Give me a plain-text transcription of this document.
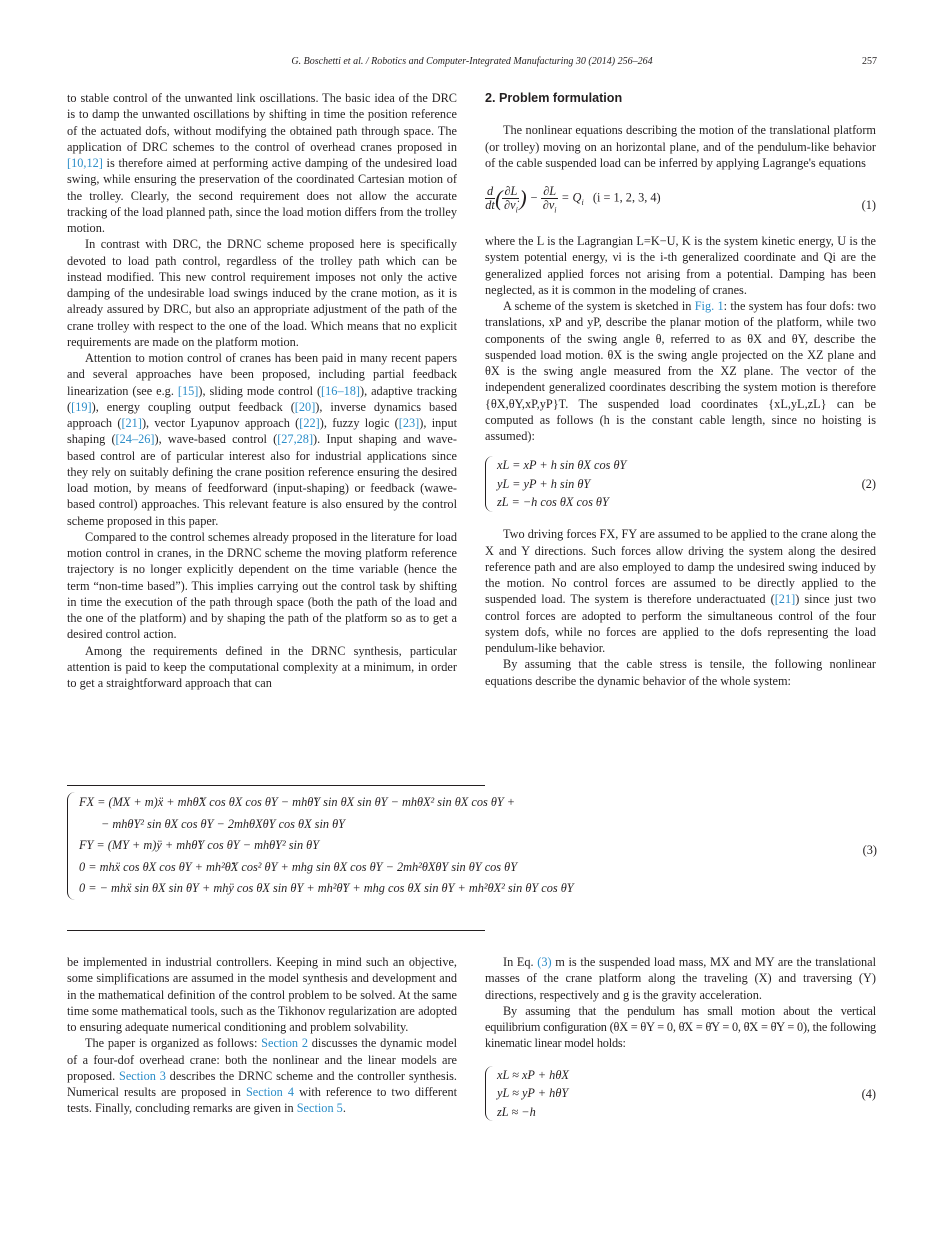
G. Boschetti et al. / Robotics and Computer-Integrated Manufacturing 30 (2014) 256–264	257

to stable control of the unwanted link oscillations. The basic idea of the DRC is to damp the unwanted oscillations by shifting in time the position reference of the actuated dofs, without modifying the obtained path through space. The application of DRC schemes to the control of overhead cranes proposed in [10,12] is therefore aimed at performing active damping of the undesired load swing, while ensuring the preservation of the coordinated Cartesian motion of the trolley. Clearly, the second requirement does not allow the accurate tracking of the load planned path, since the load motion differs from the trolley motion.

In contrast with DRC, the DRNC scheme proposed here is specifically devoted to load path control, regardless of the trolley path which can be instead modified. This new control requirement imposes not only the active damping of the undesirable load swings induced by the crane motion, as it is already assured by DRC, but also an appropriate adjustment of the path of the crane trolley with respect to the one of the load. Which means that no explicit requirements are made on the platform motion.

Attention to motion control of cranes has been paid in many recent papers and several approaches have been proposed, including partial feedback linearization (see e.g. [15]), sliding mode control ([16–18]), adaptive tracking ([19]), energy coupling output feedback ([20]), inverse dynamics based approach ([21]), vector Lyapunov approach ([22]), fuzzy logic ([23]), input shaping ([24–26]), wave-based control ([27,28]). Input shaping and wave-based control are of particular interest also for industrial applications since they rely on suitably defining the crane position reference ensuring the desired load motion, by means of feedforward (input-shaping) or feedback (wawe-based control) approaches. This relevant feature is also ensured by the control scheme proposed in this paper.

Compared to the control schemes already proposed in the literature for load motion control in cranes, in the DRNC scheme the moving platform reference trajectory is no longer explicitly dependent on the time variable (hence the term “non-time based”). This implies carrying out the control task by shifting in time the execution of the path through space (both the path of the load and the one of the platform) and by shaping the path of the platform so as to get a desired control action.

Among the requirements defined in the DRNC synthesis, particular attention is paid to keep the computational complexity at a minimum, in order to get a straightforward approach that can

2. Problem formulation

The nonlinear equations describing the motion of the translational platform (or trolley) moving on an horizontal plane, and of the pendulum-like behavior of the cable suspended load can be inferred by applying Lagrange's equations

$\frac{d}{dt}$ ( $\frac{\partial L}{\partial\nu̇_i}$ ) − $\frac{\partial L}{\partial\nu_i} = Q_i$ (i = 1, 2, 3, 4)
(1)

where the L is the Lagrangian L=K−U, K is the system kinetic energy, U is the system potential energy, νi is the i-th generalized coordinate and Qi are the generalized applied forces not arising from a potential. Damping has been neglected, as it is common in the modeling of cranes.

A scheme of the system is sketched in Fig. 1: the system has four dofs: two translations, xP and yP, describe the planar motion of the platform, while two components of the swing angle θ, referred to as θX and θY, describe the suspended load motion. θX is the swing angle projected on the XZ plane and θX is the swing angle measured from the XZ plane. The vector of the independent generalized coordinates describing the system motion is therefore {θX,θY,xP,yP}T. The suspended load coordinates {xL,yL,zL} can be computed as follows (h is the constant cable length, since no hoisting is assumed):

xL = xP + h sin θX cos θY
yL = yP + h sin θY
zL = −h cos θX cos θY
(2)

Two driving forces FX, FY are assumed to be applied to the crane along the X and Y directions. Such forces allow driving the system along the desired reference path and are also employed to damp the undesired swing induced by the motion. No control forces are assumed to be directly applied to the suspended load. The system is therefore underactuated ([21]) since just two control forces are adopted to perform the simultaneous control of the four system dofs, while no forces are applied to the dofs representing the load pendulum-like behavior.

By assuming that the cable stress is tensile, the following nonlinear equations describe the dynamic behavior of the whole system:

FX = (MX + m)ẍ + mhθ̈X cos θX cos θY − mhθ̈Y sin θX sin θY − mhθ̇X² sin θX cos θY +
− mhθ̇Y² sin θX cos θY − 2mhθ̇Xθ̇Y cos θX sin θY
FY = (MY + m)ÿ + mhθ̈Y cos θY − mhθ̇Y² sin θY
0 = mhẍ cos θX cos θY + mh²θ̈X cos² θY + mhg sin θX cos θY − 2mh²θ̇Xθ̇Y sin θY cos θY
0 = − mhẍ sin θX sin θY + mhÿ cos θX sin θY + mh²θ̈Y + mhg cos θX sin θY + mh²θ̇X² sin θY cos θY
(3)

be implemented in industrial controllers. Keeping in mind such an objective, some simplifications are assumed in the model synthesis and development and in the mathematical definition of the control problem to be solved. At the same time some mathematical tools, such as the Tikhonov regularization are adopted to ensuring adequate numerical conditioning and problem solvability.

The paper is organized as follows: Section 2 discusses the dynamic model of a four-dof overhead crane: both the nonlinear and the linear models are proposed. Section 3 describes the DRNC scheme and the controller synthesis. Numerical results are proposed in Section 4 with reference to two different tests. Finally, concluding remarks are given in Section 5.

In Eq. (3) m is the suspended load mass, MX and MY are the translational masses of the crane platform along the traveling (X) and traversing (Y) directions, respectively and g is the gravity acceleration.

By assuming that the pendulum has small motion about the vertical equilibrium configuration (θX = θY = 0, θ̇X = θ̇Y = 0, θ̈X = θ̈Y = 0), the following kinematic linear model holds:

xL ≈ xP + hθX
yL ≈ yP + hθY
zL ≈ −h
(4)
